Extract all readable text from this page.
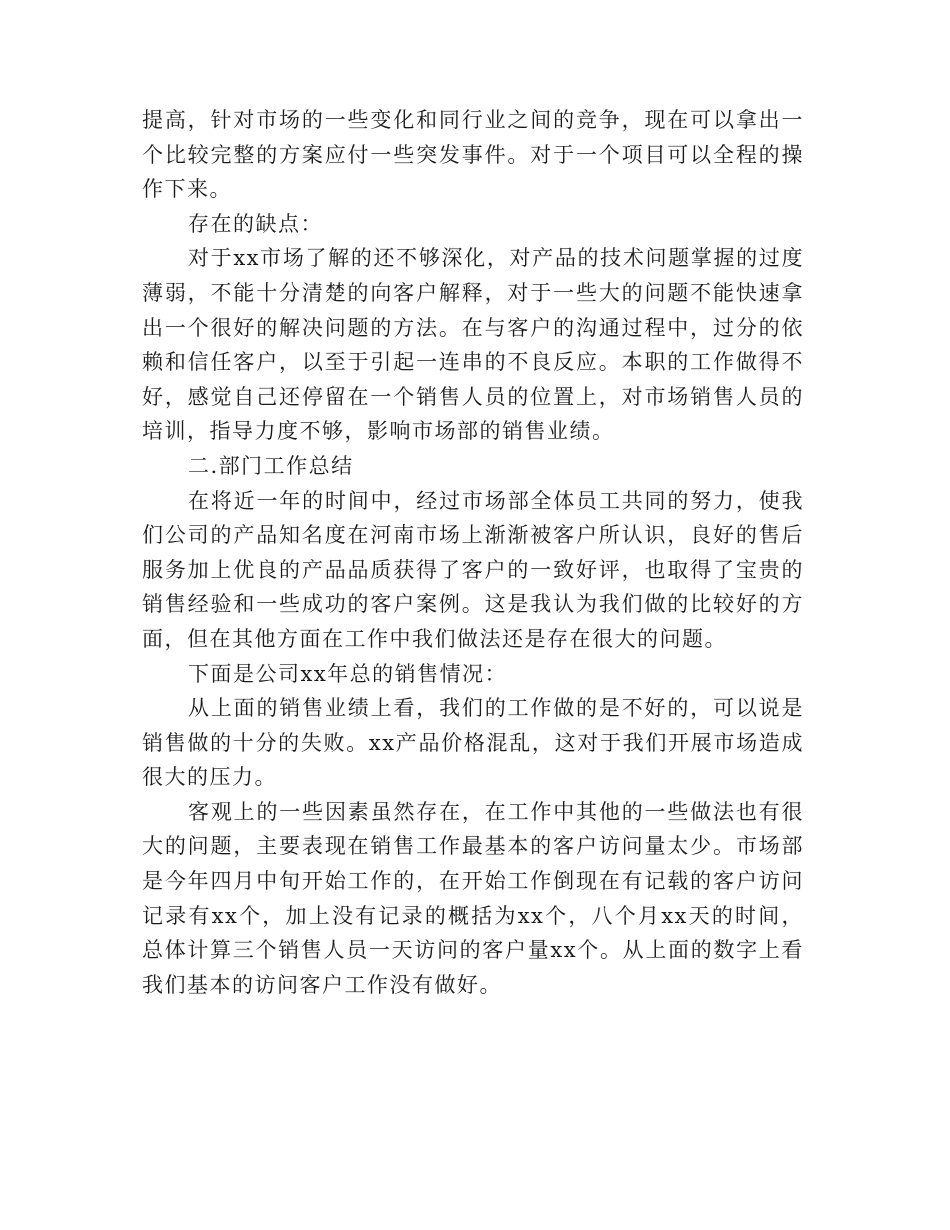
提高，针对市场的一些变化和同行业之间的竞争，现在可以拿出一个比较完整的方案应付一些突发事件。对于一个项目可以全程的操作下来。

存在的缺点：

对于xx市场了解的还不够深化，对产品的技术问题掌握的过度薄弱，不能十分清楚的向客户解释，对于一些大的问题不能快速拿出一个很好的解决问题的方法。在与客户的沟通过程中，过分的依赖和信任客户，以至于引起一连串的不良反应。本职的工作做得不好，感觉自己还停留在一个销售人员的位置上，对市场销售人员的培训，指导力度不够，影响市场部的销售业绩。

二.部门工作总结

在将近一年的时间中，经过市场部全体员工共同的努力，使我们公司的产品知名度在河南市场上渐渐被客户所认识，良好的售后服务加上优良的产品品质获得了客户的一致好评，也取得了宝贵的销售经验和一些成功的客户案例。这是我认为我们做的比较好的方面，但在其他方面在工作中我们做法还是存在很大的问题。

下面是公司xx年总的销售情况：

从上面的销售业绩上看，我们的工作做的是不好的，可以说是销售做的十分的失败。xx产品价格混乱，这对于我们开展市场造成很大的压力。

客观上的一些因素虽然存在，在工作中其他的一些做法也有很大的问题，主要表现在销售工作最基本的客户访问量太少。市场部是今年四月中旬开始工作的，在开始工作倒现在有记载的客户访问记录有xx个，加上没有记录的概括为xx个，八个月xx天的时间，总体计算三个销售人员一天访问的客户量xx个。从上面的数字上看我们基本的访问客户工作没有做好。
